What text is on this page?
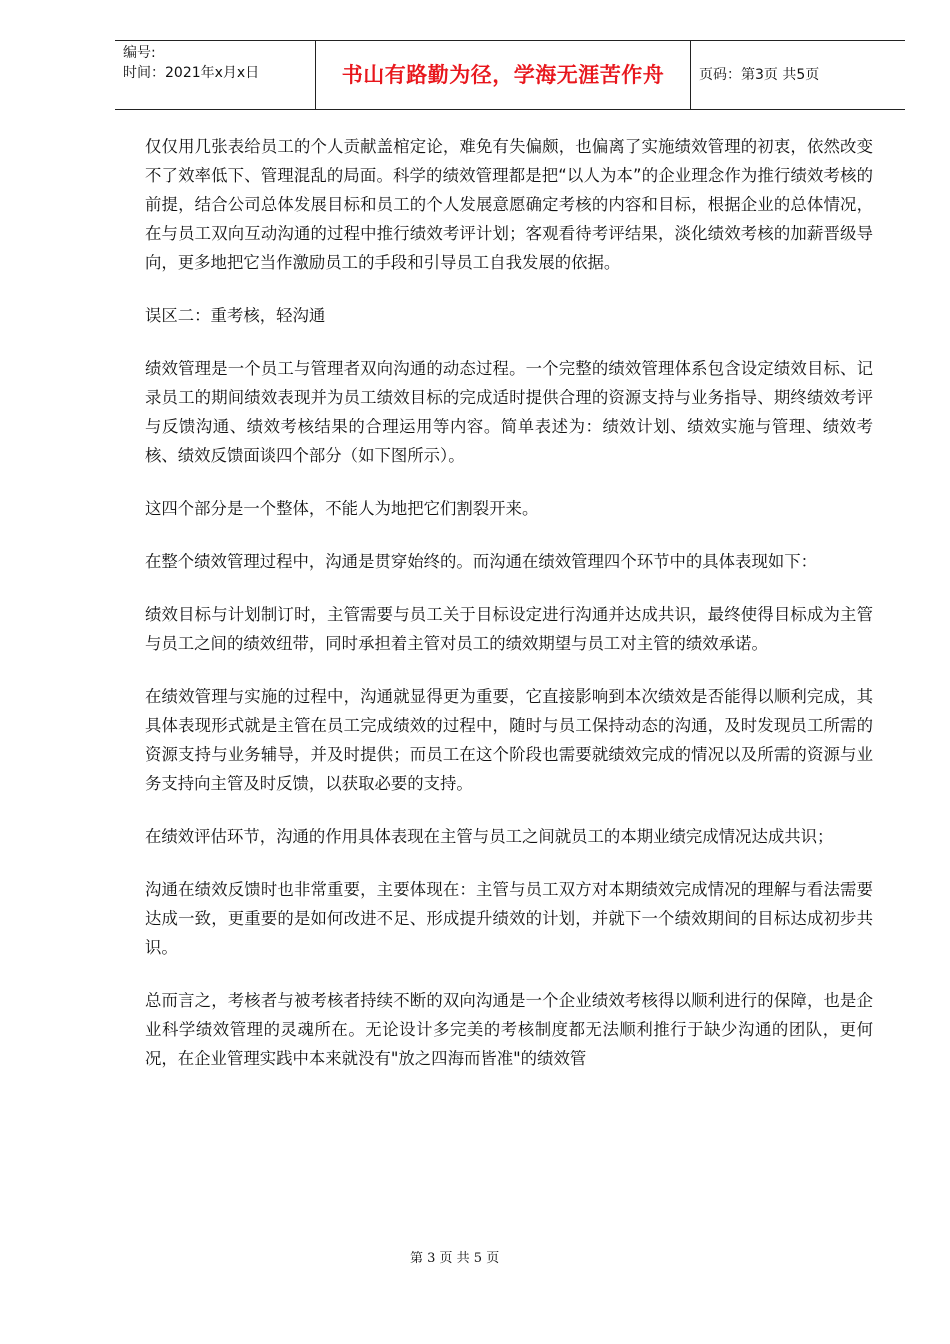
编号:
时间：2021年x月x日	书山有路勤为径，学海无涯苦作舟	页码：第3页 共5页

仅仅用几张表给员工的个人贡献盖棺定论，难免有失偏颇，也偏离了实施绩效管理的初衷，依然改变不了效率低下、管理混乱的局面。科学的绩效管理都是把“以人为本”的企业理念作为推行绩效考核的前提，结合公司总体发展目标和员工的个人发展意愿确定考核的内容和目标，根据企业的总体情况，在与员工双向互动沟通的过程中推行绩效考评计划；客观看待考评结果，淡化绩效考核的加薪晋级导向，更多地把它当作激励员工的手段和引导员工自我发展的依据。

误区二：重考核，轻沟通

绩效管理是一个员工与管理者双向沟通的动态过程。一个完整的绩效管理体系包含设定绩效目标、记录员工的期间绩效表现并为员工绩效目标的完成适时提供合理的资源支持与业务指导、期终绩效考评与反馈沟通、绩效考核结果的合理运用等内容。简单表述为：绩效计划、绩效实施与管理、绩效考核、绩效反馈面谈四个部分（如下图所示）。

这四个部分是一个整体，不能人为地把它们割裂开来。

在整个绩效管理过程中，沟通是贯穿始终的。而沟通在绩效管理四个环节中的具体表现如下：

绩效目标与计划制订时，主管需要与员工关于目标设定进行沟通并达成共识，最终使得目标成为主管与员工之间的绩效纽带，同时承担着主管对员工的绩效期望与员工对主管的绩效承诺。

在绩效管理与实施的过程中，沟通就显得更为重要，它直接影响到本次绩效是否能得以顺利完成，其具体表现形式就是主管在员工完成绩效的过程中，随时与员工保持动态的沟通，及时发现员工所需的资源支持与业务辅导，并及时提供；而员工在这个阶段也需要就绩效完成的情况以及所需的资源与业务支持向主管及时反馈，以获取必要的支持。

在绩效评估环节，沟通的作用具体表现在主管与员工之间就员工的本期业绩完成情况达成共识；

沟通在绩效反馈时也非常重要，主要体现在：主管与员工双方对本期绩效完成情况的理解与看法需要达成一致，更重要的是如何改进不足、形成提升绩效的计划，并就下一个绩效期间的目标达成初步共识。

总而言之，考核者与被考核者持续不断的双向沟通是一个企业绩效考核得以顺利进行的保障，也是企业科学绩效管理的灵魂所在。无论设计多完美的考核制度都无法顺利推行于缺少沟通的团队，更何况，在企业管理实践中本来就没有"放之四海而皆准"的绩效管

第 3 页 共 5 页
